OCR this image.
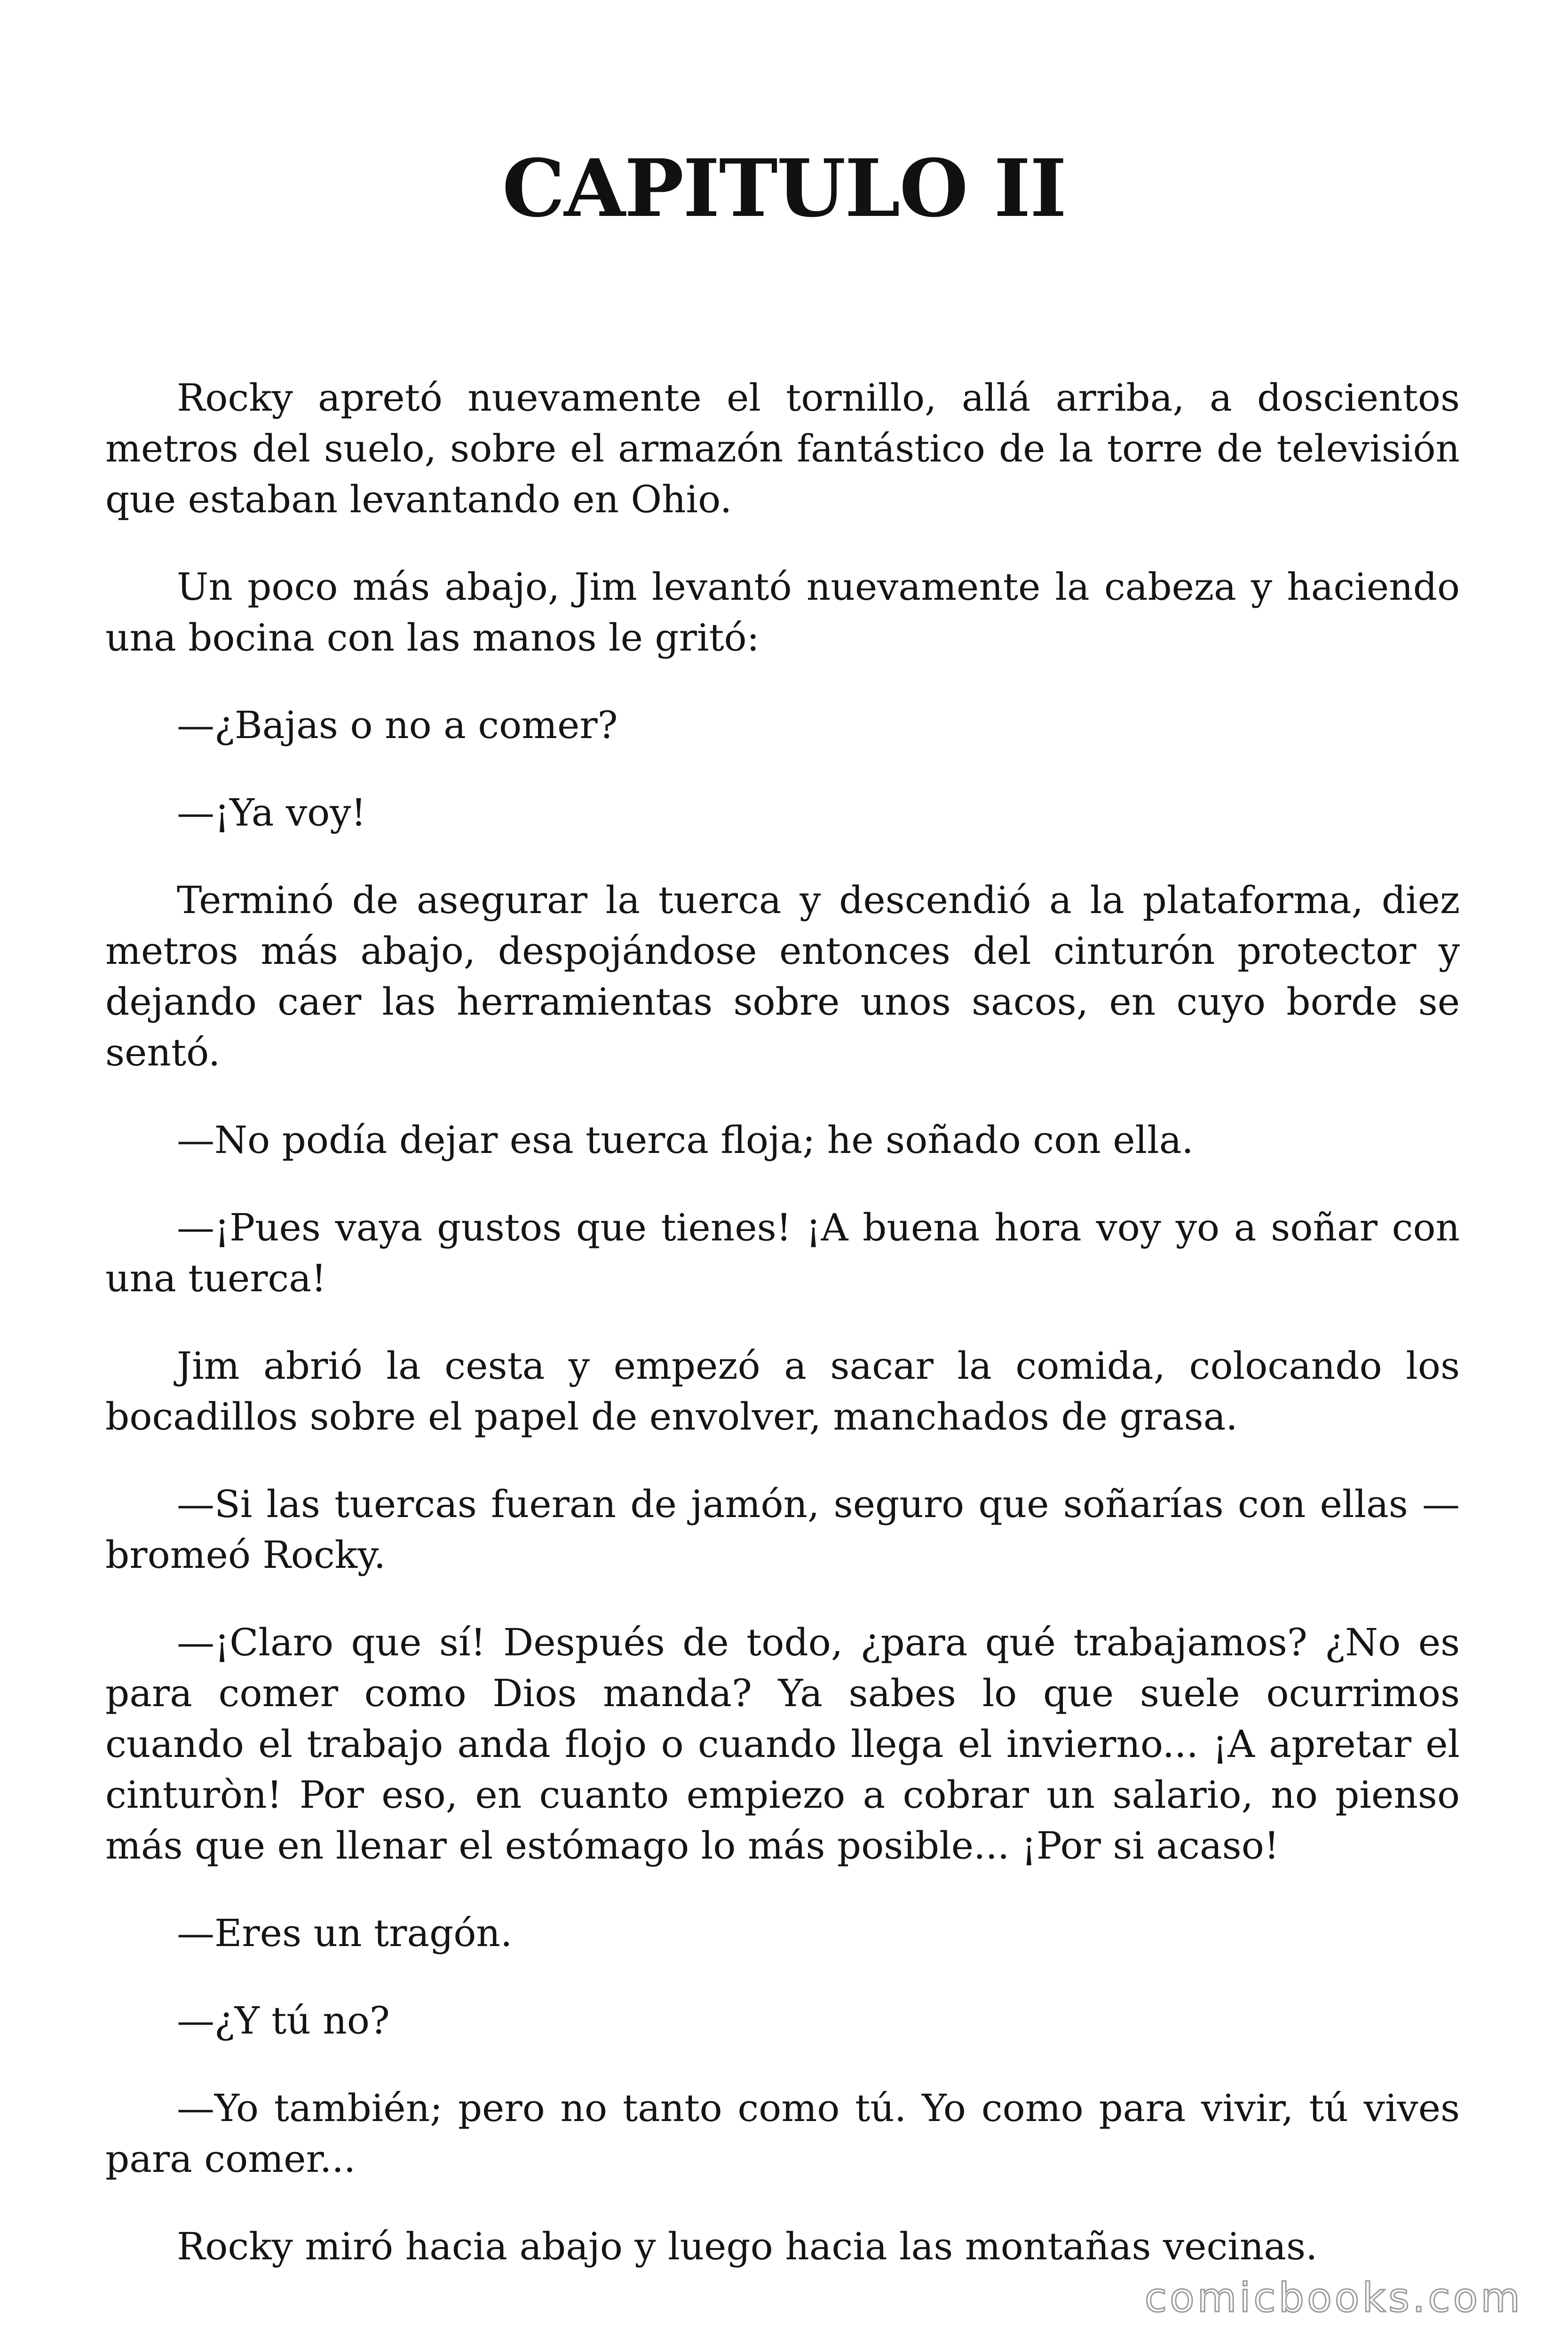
CAPITULO II

Rocky apretó nuevamente el tornillo, allá arriba, a doscientos metros del suelo, sobre el armazón fantástico de la torre de televisión que estaban levantando en Ohio.

Un poco más abajo, Jim levantó nuevamente la cabeza y haciendo una bocina con las manos le gritó:

—¿Bajas o no a comer?

—¡Ya voy!

Terminó de asegurar la tuerca y descendió a la plataforma, diez metros más abajo, despojándose entonces del cinturón protector y dejando caer las herramientas sobre unos sacos, en cuyo borde se sentó.

—No podía dejar esa tuerca floja; he soñado con ella.

—¡Pues vaya gustos que tienes! ¡A buena hora voy yo a soñar con una tuerca!

Jim abrió la cesta y empezó a sacar la comida, colocando los bocadillos sobre el papel de envolver, manchados de grasa.

—Si las tuercas fueran de jamón, seguro que soñarías con ellas —bromeó Rocky.

—¡Claro que sí! Después de todo, ¿para qué trabajamos? ¿No es para comer como Dios manda? Ya sabes lo que suele ocurrimos cuando el trabajo anda flojo o cuando llega el invierno... ¡A apretar el cinturòn! Por eso, en cuanto empiezo a cobrar un salario, no pienso más que en llenar el estómago lo más posible... ¡Por si acaso!

—Eres un tragón.

—¿Y tú no?

—Yo también; pero no tanto como tú. Yo como para vivir, tú vives para comer...

Rocky miró hacia abajo y luego hacia las montañas vecinas.

comicbooks.com
